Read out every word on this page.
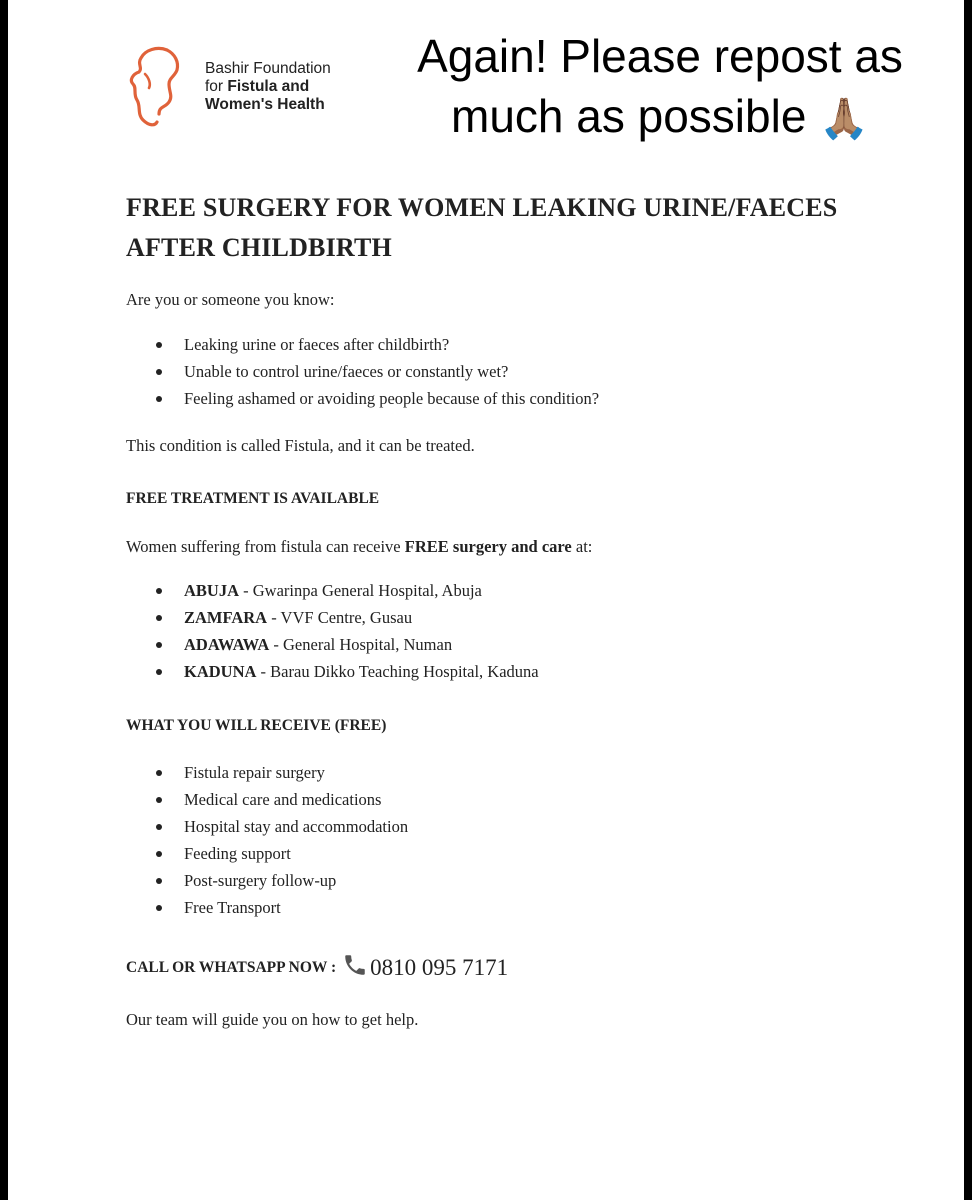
Bashir Foundation
for Fistula and
Women's Health
Again! Please repost as
much as possible 🙏🏽
FREE SURGERY FOR WOMEN LEAKING URINE/FAECES
AFTER CHILDBIRTH
Are you or someone you know:
Leaking urine or faeces after childbirth?
Unable to control urine/faeces or constantly wet?
Feeling ashamed or avoiding people because of this condition?
This condition is called Fistula, and it can be treated.
FREE TREATMENT IS AVAILABLE
Women suffering from fistula can receive FREE surgery and care at:
ABUJA - Gwarinpa General Hospital, Abuja
ZAMFARA - VVF Centre, Gusau
ADAWAWA - General Hospital, Numan
KADUNA - Barau Dikko Teaching Hospital, Kaduna
WHAT YOU WILL RECEIVE (FREE)
Fistula repair surgery
Medical care and medications
Hospital stay and accommodation
Feeding support
Post-surgery follow-up
Free Transport
CALL OR WHATSAPP NOW : 0810 095 7171
Our team will guide you on how to get help.
